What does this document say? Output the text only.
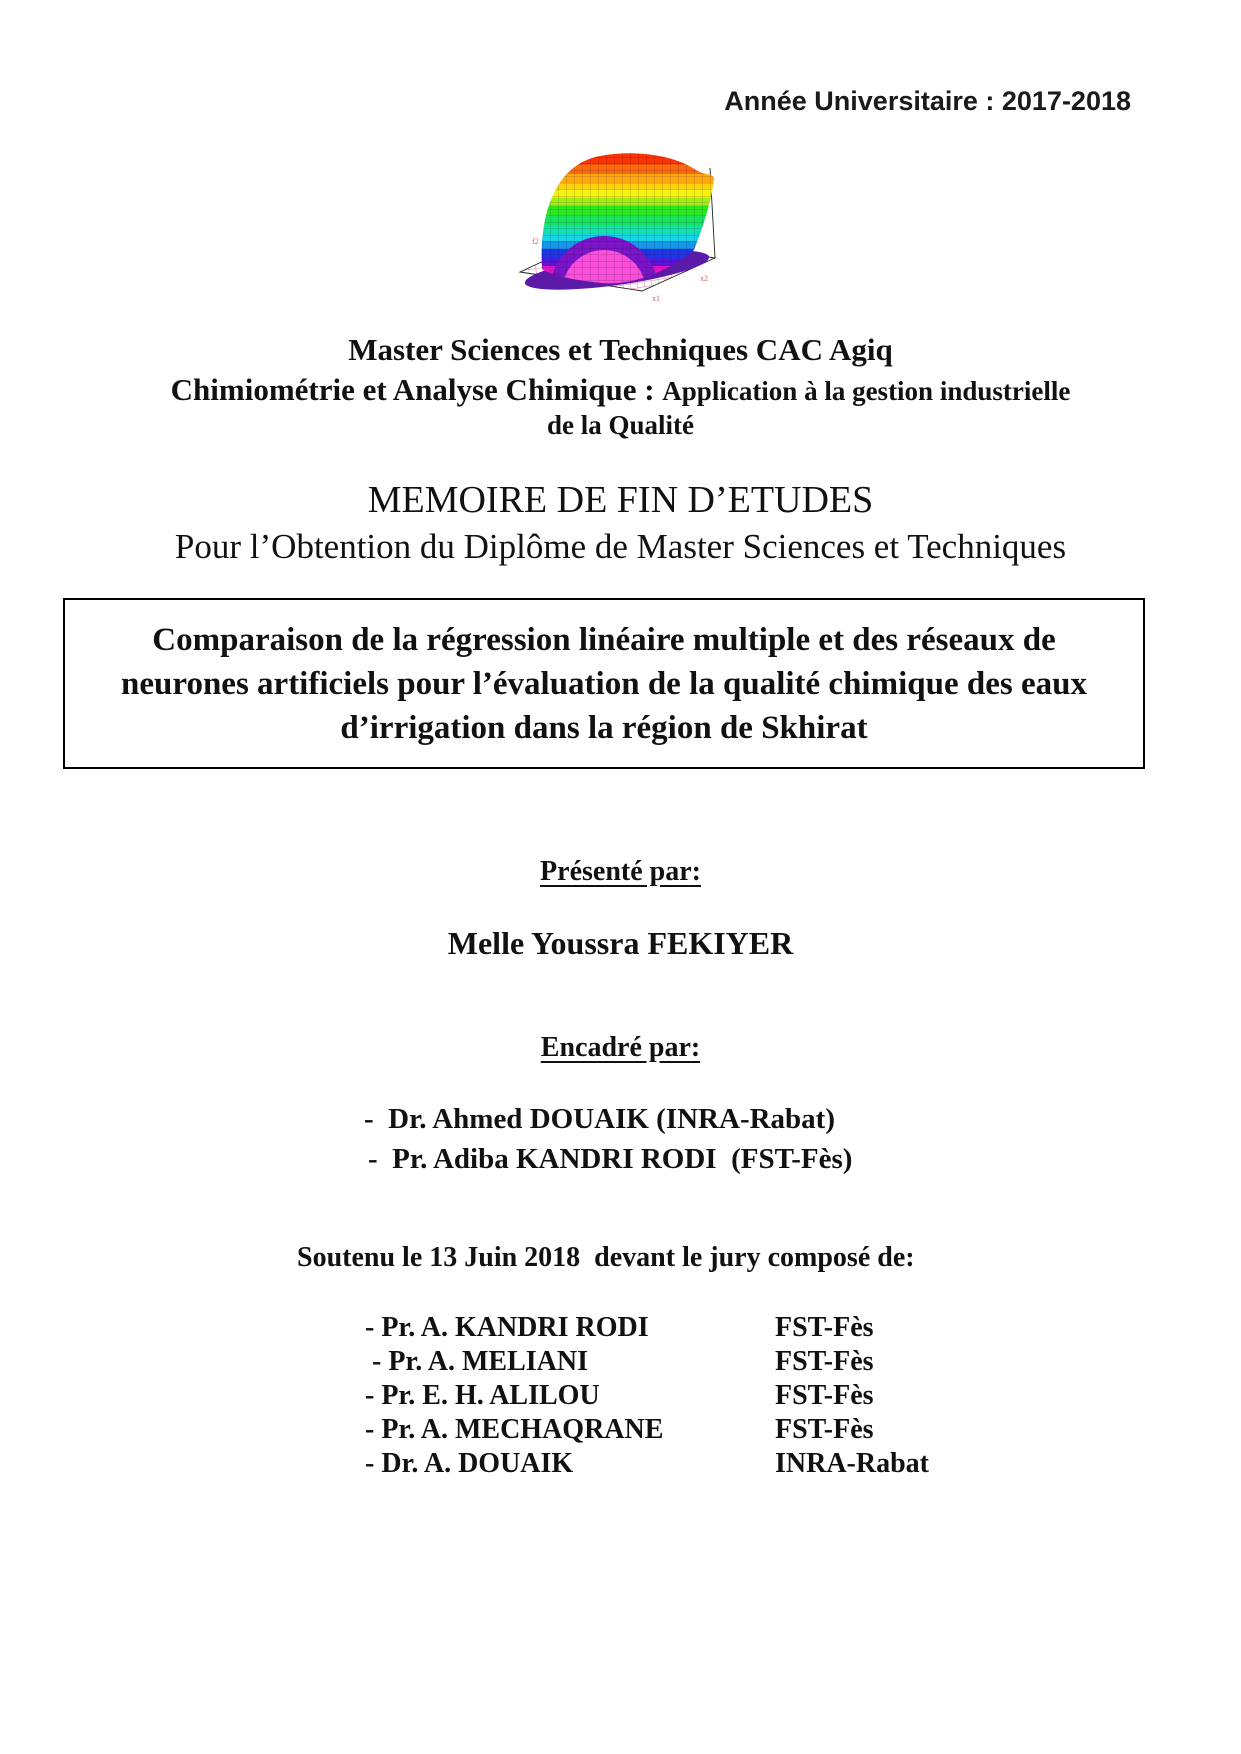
Année Universitaire : 2017-2018
f2
x1
x2
Master Sciences et Techniques CAC Agiq
Chimiométrie et Analyse Chimique : Application à la gestion industrielle
de la Qualité
MEMOIRE DE FIN D’ETUDES
Pour l’Obtention du Diplôme de Master Sciences et Techniques
Comparaison de la régression linéaire multiple et des réseaux de neurones artificiels pour l’évaluation de la qualité chimique des eaux d’irrigation dans la région de Skhirat
Présenté par:
Melle Youssra FEKIYER
Encadré par:
-  Dr. Ahmed DOUAIK (INRA-Rabat)
-  Pr. Adiba KANDRI RODI  (FST-Fès)
Soutenu le 13 Juin 2018  devant le jury composé de:
- Pr. A. KANDRI RODI	FST-Fès
- Pr. A. MELIANI	FST-Fès
- Pr. E. H. ALILOU	FST-Fès
- Pr. A. MECHAQRANE	FST-Fès
- Dr. A. DOUAIK	INRA-Rabat
